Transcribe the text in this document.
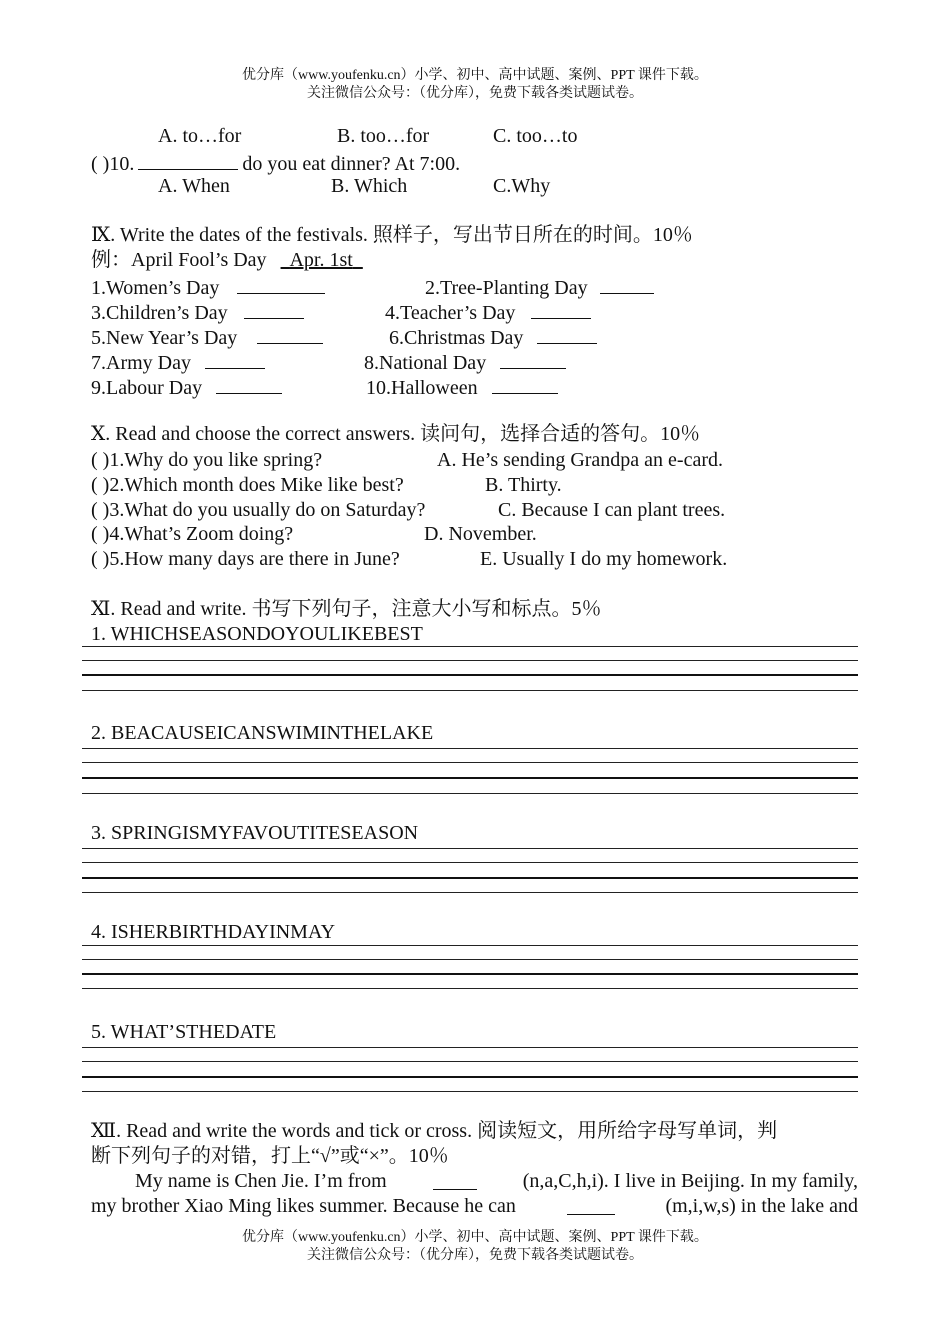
优分库（www.youfenku.cn）小学、初中、高中试题、案例、PPT 课件下载。
关注微信公众号：（优分库），免费下载各类试题试卷。
A. to…for	B. too…for	C. too…to
( )10.	do you eat dinner? At 7:00.
A. When	B. Which	C.Why
Ⅸ. Write the dates of the festivals. 照样子，写出节日所在的时间。10％
例：April Fool’s Day Apr. 1st
1.Women’s Day	2.Tree-Planting Day
3.Children’s Day	4.Teacher’s Day
5.New Year’s Day	6.Christmas Day
7.Army Day	8.National Day
9.Labour Day	10.Halloween
Ⅹ. Read and choose the correct answers. 读问句，选择合适的答句。10％
( )1.Why do you like spring?	A. He’s sending Grandpa an e-card.
( )2.Which month does Mike like best?	B. Thirty.
( )3.What do you usually do on Saturday?	C. Because I can plant trees.
( )4.What’s Zoom doing?	D. November.
( )5.How many days are there in June?	E. Usually I do my homework.
Ⅺ. Read and write. 书写下列句子，注意大小写和标点。5％
1. WHICHSEASONDOYOULIKEBEST
2. BEACAUSEICANSWIMINTHELAKE
3. SPRINGISMYFAVOUTITESEASON
4. ISHERBIRTHDAYINMAY
5. WHAT’STHEDATE
Ⅻ. Read and write the words and tick or cross. 阅读短文，用所给字母写单词，判
断下列句子的对错，打上“√”或“×”。10％
My name is Chen Jie. I’m from	(n,a,C,h,i). I live in Beijing. In my family,
my brother Xiao Ming likes summer. Because he can	(m,i,w,s) in the lake and
优分库（www.youfenku.cn）小学、初中、高中试题、案例、PPT 课件下载。
关注微信公众号：（优分库），免费下载各类试题试卷。
